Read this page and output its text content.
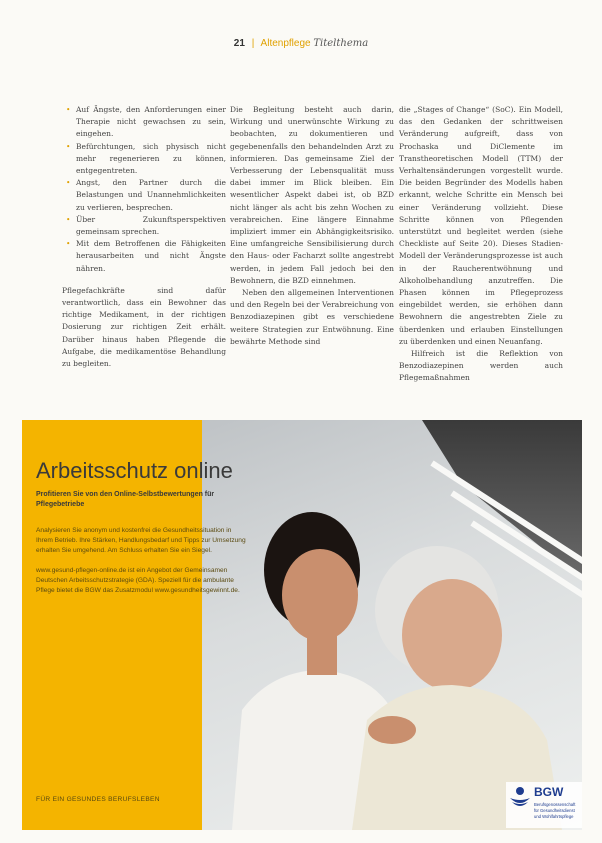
21 | Altenpflege Titelthema
• Auf Ängste, den Anforderungen einer Therapie nicht gewachsen zu sein, eingehen.
• Befürchtungen, sich physisch nicht mehr regenerieren zu können, entgegentreten.
• Angst, den Partner durch die Belastungen und Unannehmlichkeiten zu verlieren, besprechen.
• Über Zukunftsperspektiven gemeinsam sprechen.
• Mit dem Betroffenen die Fähigkeiten herausarbeiten und nicht Ängste nähren.

Pflegefachkräfte sind dafür verantwortlich, dass ein Bewohner das richtige Medikament, in der richtigen Dosierung zur richtigen Zeit erhält. Darüber hinaus haben Pflegende die Aufgabe, die medikamentöse Behandlung zu begleiten.

Die Begleitung besteht auch darin, Wirkung und unerwünschte Wirkung zu beobachten, zu dokumentieren und gegebenenfalls den behandelnden Arzt zu informieren. Das gemeinsame Ziel der Verbesserung der Lebensqualität muss dabei immer im Blick bleiben. Ein wesentlicher Aspekt dabei ist, ob BZD nicht länger als acht bis zehn Wochen zu verabreichen. Eine längere Einnahme impliziert immer ein Abhängigkeitsrisiko. Eine umfangreiche Sensibilisierung durch den Haus- oder Facharzt sollte angestrebt werden, in jedem Fall jedoch bei den Bewohnern, die BZD einnehmen.

Neben den allgemeinen Interventionen und den Regeln bei der Verabreichung von Benzodiazepinen gibt es verschiedene weitere Strategien zur Entwöhnung. Eine bewährte Methode sind

die „Stages of Change“ (SoC). Ein Modell, das den Gedanken der schrittweisen Veränderung aufgreift, dass von Prochaska und DiClemente im Transtheoretischen Modell (TTM) der Verhaltensänderungen vorgestellt wurde. Die beiden Begründer des Modells haben erkannt, welche Schritte ein Mensch bei einer Veränderung vollzieht. Diese Schritte können von Pflegenden unterstützt und begleitet werden (siehe Checkliste auf Seite 20). Dieses Stadien-Modell der Veränderungsprozesse ist auch in der Raucherentwöhnung und Alkoholbehandlung anzutreffen. Die Phasen können im Pflegeprozess eingebildet werden, sie erhöhen dann Bewohnern die angestrebten Ziele zu überdenken und erlauben Einstellungen zu überdenken und einen Neuanfang.

Hilfreich ist die Reflektion von Benzodiazepinen werden auch Pflegemaßnahmen

Arbeitsschutz online
Profitieren Sie von den Online-Selbstbewertungen für Pflegebetriebe

Analysieren Sie anonym und kostenfrei die Gesundheitssituation in Ihrem Betrieb. Ihre Stärken, Handlungsbedarf und Tipps zur Umsetzung erhalten Sie umgehend. Am Schluss erhalten Sie ein Siegel.

www.gesund-pflegen-online.de ist ein Angebot der Gemeinsamen Deutschen Arbeitsschutzstrategie (GDA). Speziell für die ambulante Pflege bietet die BGW das Zusatzmodul www.gesundheitsgewinnt.de.

FÜR EIN GESUNDES BERUFSLEBEN
BGW
Berufsgenossenschaft
für Gesundheitsdienst
und Wohlfahrtspflege
